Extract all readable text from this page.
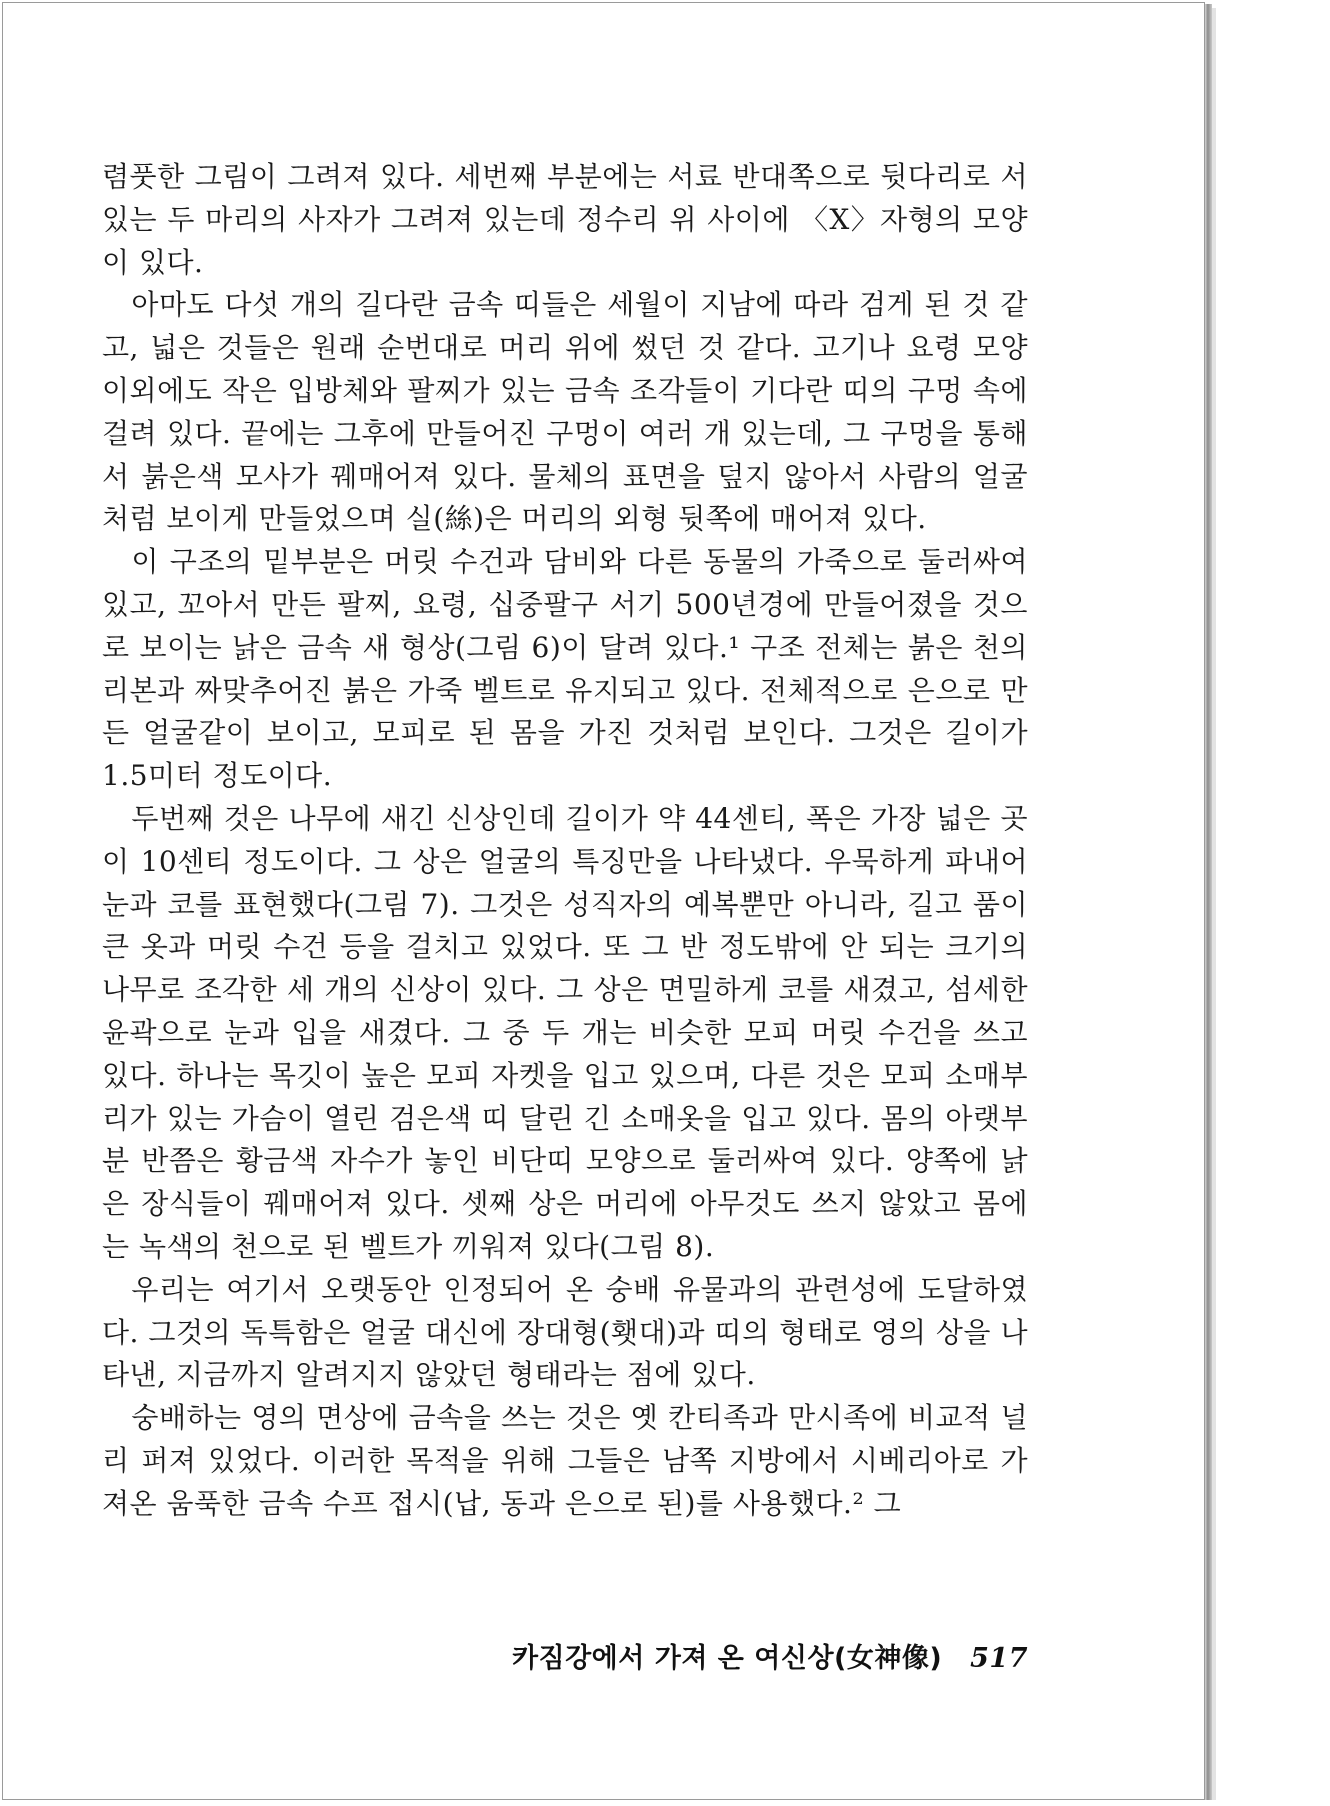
렴풋한 그림이 그려져 있다. 세번째 부분에는 서료 반대쪽으로 뒷다리로 서 있는 두 마리의 사자가 그려져 있는데 정수리 위 사이에 〈X〉자형의 모양이 있다.

아마도 다섯 개의 길다란 금속 띠들은 세월이 지남에 따라 검게 된 것 같고, 넓은 것들은 원래 순번대로 머리 위에 썼던 것 같다. 고기나 요령 모양 이외에도 작은 입방체와 팔찌가 있는 금속 조각들이 기다란 띠의 구멍 속에 걸려 있다. 끝에는 그후에 만들어진 구멍이 여러 개 있는데, 그 구멍을 통해서 붉은색 모사가 꿰매어져 있다. 물체의 표면을 덮지 않아서 사람의 얼굴처럼 보이게 만들었으며 실(絲)은 머리의 외형 뒷쪽에 매어져 있다.

이 구조의 밑부분은 머릿 수건과 담비와 다른 동물의 가죽으로 둘러싸여 있고, 꼬아서 만든 팔찌, 요령, 십중팔구 서기 500년경에 만들어졌을 것으로 보이는 낡은 금속 새 형상(그림 6)이 달려 있다.¹ 구조 전체는 붉은 천의 리본과 짜맞추어진 붉은 가죽 벨트로 유지되고 있다. 전체적으로 은으로 만든 얼굴같이 보이고, 모피로 된 몸을 가진 것처럼 보인다. 그것은 길이가 1.5미터 정도이다.

두번째 것은 나무에 새긴 신상인데 길이가 약 44센티, 폭은 가장 넓은 곳이 10센티 정도이다. 그 상은 얼굴의 특징만을 나타냈다. 우묵하게 파내어 눈과 코를 표현했다(그림 7). 그것은 성직자의 예복뿐만 아니라, 길고 품이 큰 옷과 머릿 수건 등을 걸치고 있었다. 또 그 반 정도밖에 안 되는 크기의 나무로 조각한 세 개의 신상이 있다. 그 상은 면밀하게 코를 새겼고, 섬세한 윤곽으로 눈과 입을 새겼다. 그 중 두 개는 비슷한 모피 머릿 수건을 쓰고 있다. 하나는 목깃이 높은 모피 자켓을 입고 있으며, 다른 것은 모피 소매부리가 있는 가슴이 열린 검은색 띠 달린 긴 소매옷을 입고 있다. 몸의 아랫부분 반쯤은 황금색 자수가 놓인 비단띠 모양으로 둘러싸여 있다. 양쪽에 낡은 장식들이 꿰매어져 있다. 셋째 상은 머리에 아무것도 쓰지 않았고 몸에는 녹색의 천으로 된 벨트가 끼워져 있다(그림 8).

우리는 여기서 오랫동안 인정되어 온 숭배 유물과의 관련성에 도달하였다. 그것의 독특함은 얼굴 대신에 장대형(횃대)과 띠의 형태로 영의 상을 나타낸, 지금까지 알려지지 않았던 형태라는 점에 있다.

숭배하는 영의 면상에 금속을 쓰는 것은 옛 칸티족과 만시족에 비교적 널리 퍼져 있었다. 이러한 목적을 위해 그들은 남쪽 지방에서 시베리아로 가져온 움푹한 금속 수프 접시(납, 동과 은으로 된)를 사용했다.² 그

카짐강에서 가져 온 여신상(女神像) 517
